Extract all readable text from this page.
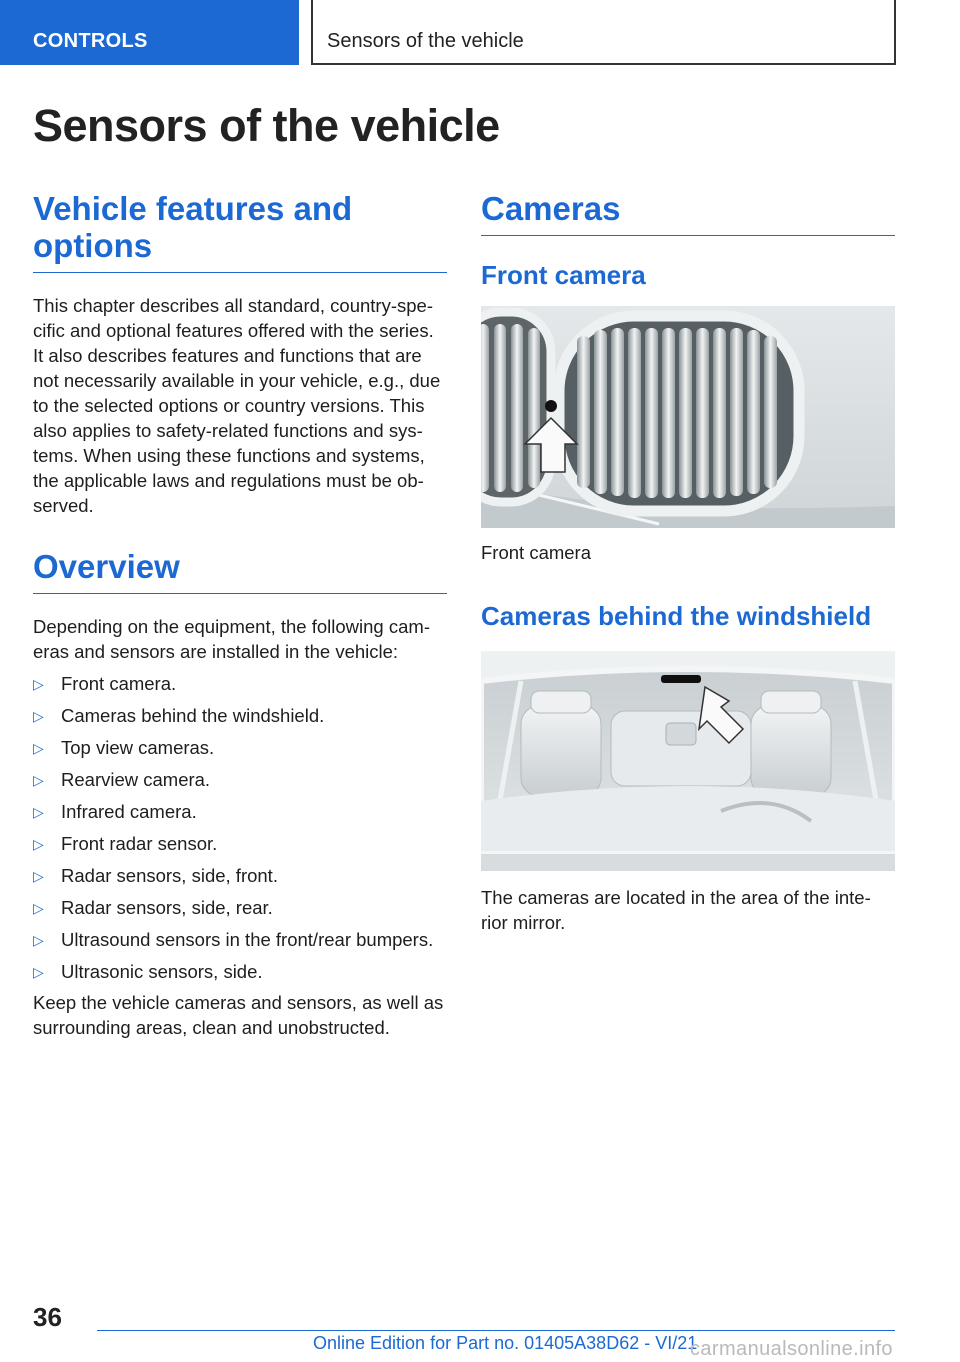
CONTROLS	Sensors of the vehicle
Sensors of the vehicle
Vehicle features and options

This chapter describes all standard, country-spe-cific and optional features offered with the series. It also describes features and functions that are not necessarily available in your vehicle, e.g., due to the selected options or country versions. This also applies to safety-related functions and sys-tems. When using these functions and systems, the applicable laws and regulations must be ob-served.

Overview

Depending on the equipment, the following cam-eras and sensors are installed in the vehicle:

▷ Front camera.
▷ Cameras behind the windshield.
▷ Top view cameras.
▷ Rearview camera.
▷ Infrared camera.
▷ Front radar sensor.
▷ Radar sensors, side, front.
▷ Radar sensors, side, rear.
▷ Ultrasound sensors in the front/rear bumpers.
▷ Ultrasonic sensors, side.

Keep the vehicle cameras and sensors, as well as surrounding areas, clean and unobstructed.

Cameras
Front camera

Front camera

Cameras behind the windshield

The cameras are located in the area of the inte-rior mirror.

36
Online Edition for Part no. 01405A38D62 - VI/21
carmanualsonline.info
